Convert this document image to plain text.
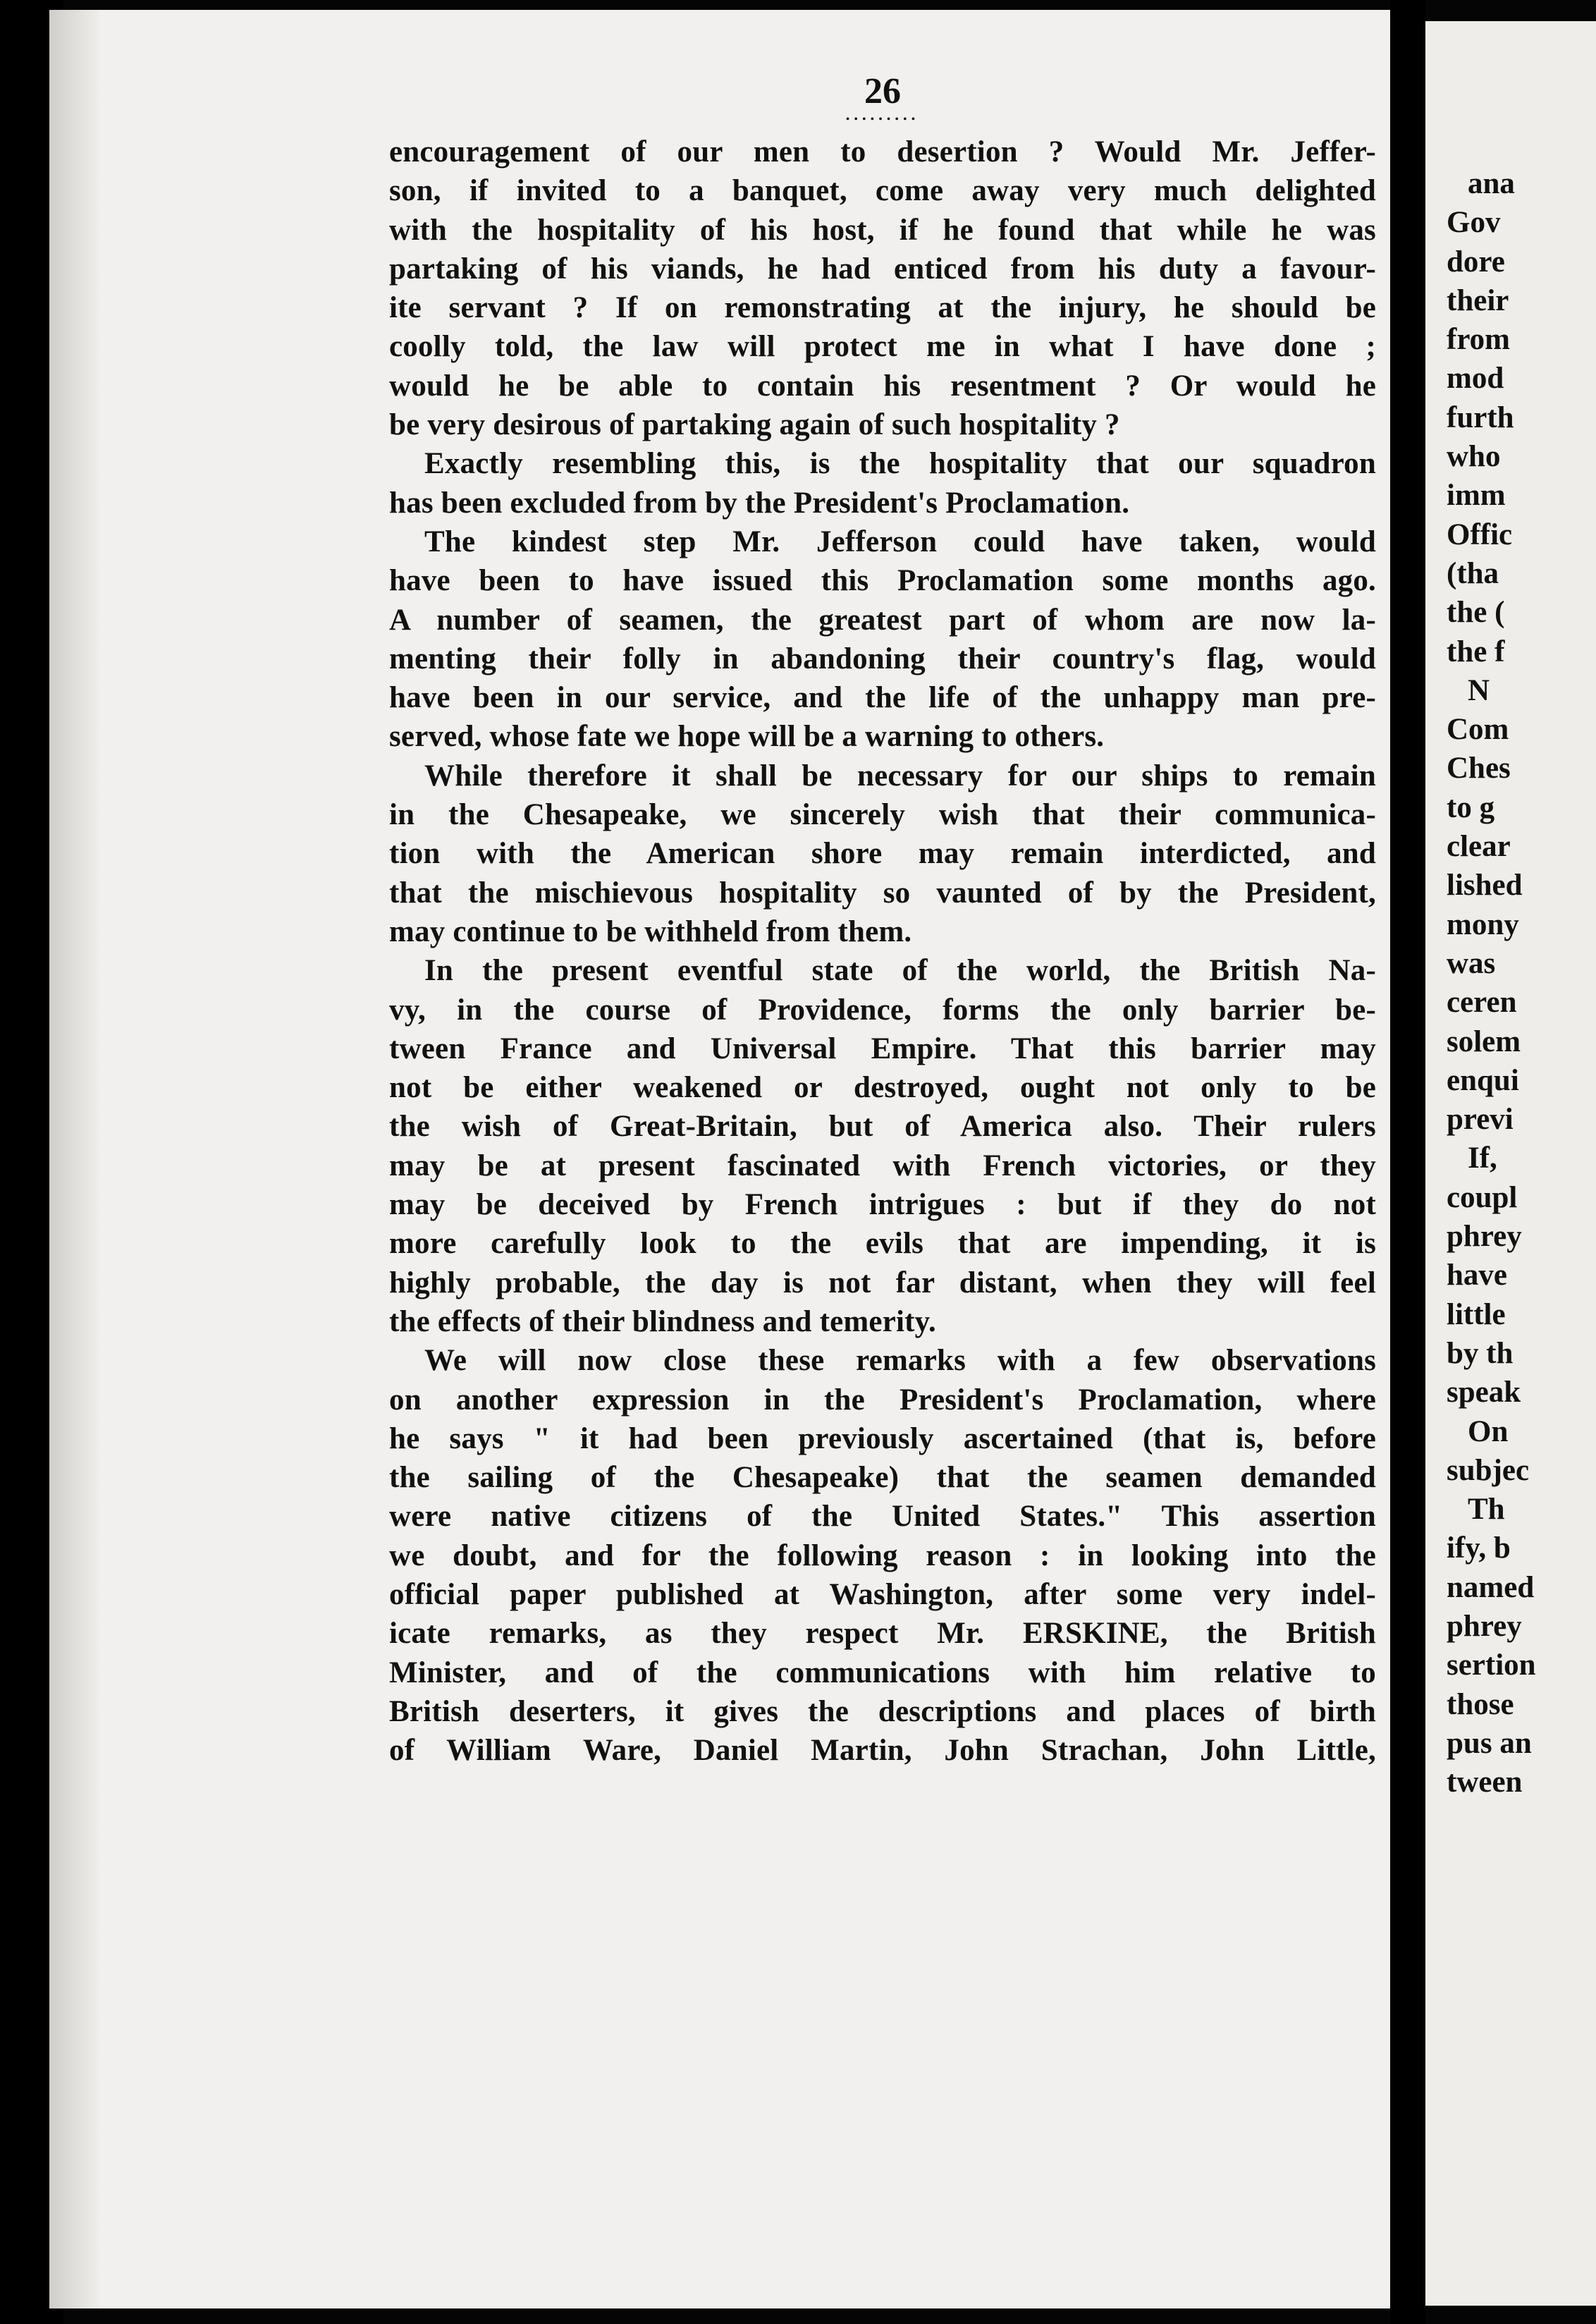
26
•••••••••
encouragement of our men to desertion ? Would Mr. Jeffer-
son, if invited to a banquet, come away very much delighted
with the hospitality of his host, if he found that while he was
partaking of his viands, he had enticed from his duty a favour-
ite servant ? If on remonstrating at the injury, he should be
coolly told, the law will protect me in what I have done ;
would he be able to contain his resentment ? Or would he
be very desirous of partaking again of such hospitality ?
Exactly resembling this, is the hospitality that our squadron
has been excluded from by the President's Proclamation.
The kindest step Mr. Jefferson could have taken, would
have been to have issued this Proclamation some months ago.
A number of seamen, the greatest part of whom are now la-
menting their folly in abandoning their country's flag, would
have been in our service, and the life of the unhappy man pre-
served, whose fate we hope will be a warning to others.
While therefore it shall be necessary for our ships to remain
in the Chesapeake, we sincerely wish that their communica-
tion with the American shore may remain interdicted, and
that the mischievous hospitality so vaunted of by the President,
may continue to be withheld from them.
In the present eventful state of the world, the British Na-
vy, in the course of Providence, forms the only barrier be-
tween France and Universal Empire. That this barrier may
not be either weakened or destroyed, ought not only to be
the wish of Great-Britain, but of America also. Their rulers
may be at present fascinated with French victories, or they
may be deceived by French intrigues : but if they do not
more carefully look to the evils that are impending, it is
highly probable, the day is not far distant, when they will feel
the effects of their blindness and temerity.
We will now close these remarks with a few observations
on another expression in the President's Proclamation, where
he says " it had been previously ascertained (that is, before
the sailing of the Chesapeake) that the seamen demanded
were native citizens of the United States." This assertion
we doubt, and for the following reason : in looking into the
official paper published at Washington, after some very indel-
icate remarks, as they respect Mr. ERSKINE, the British
Minister, and of the communications with him relative to
British deserters, it gives the descriptions and places of birth
of William Ware, Daniel Martin, John Strachan, John Little,
ana
Gov
dore
their
from
mod
furth
who
imm
Offic
(tha
the (
the f
N
Com
Ches
to g
clear
lished
mony
was
ceren
solem
enqui
previ
If,
coupl
phrey
have
little
by th
speak
On
subjec
Th
ify, b
named
phrey
sertion
those
pus an
tween
